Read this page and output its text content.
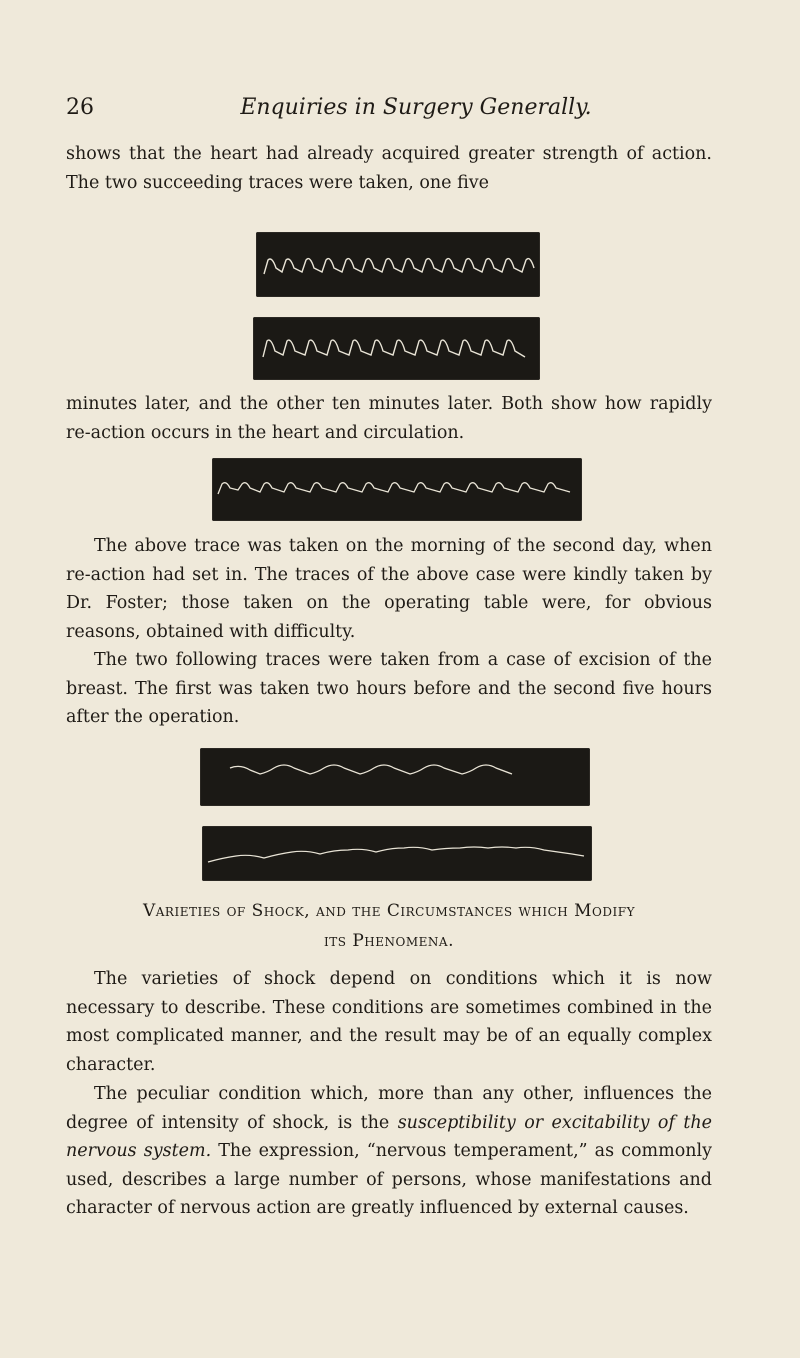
26	Enquiries in Surgery Generally.

shows that the heart had already acquired greater strength of action. The two succeeding traces were taken, one five

minutes later, and the other ten minutes later. Both show how rapidly re-action occurs in the heart and circulation.

The above trace was taken on the morning of the second day, when re-action had set in. The traces of the above case were kindly taken by Dr. Foster; those taken on the operating table were, for obvious reasons, obtained with difficulty.

The two following traces were taken from a case of excision of the breast. The first was taken two hours before and the second five hours after the operation.

Varieties of Shock, and the Circumstances which Modify

its Phenomena.

The varieties of shock depend on conditions which it is now necessary to describe. These conditions are sometimes combined in the most complicated manner, and the result may be of an equally complex character.

The peculiar condition which, more than any other, influences the degree of intensity of shock, is the susceptibility or excitability of the nervous system. The expression, “nervous temperament,” as commonly used, describes a large number of persons, whose manifestations and character of nervous action are greatly influenced by external causes.
